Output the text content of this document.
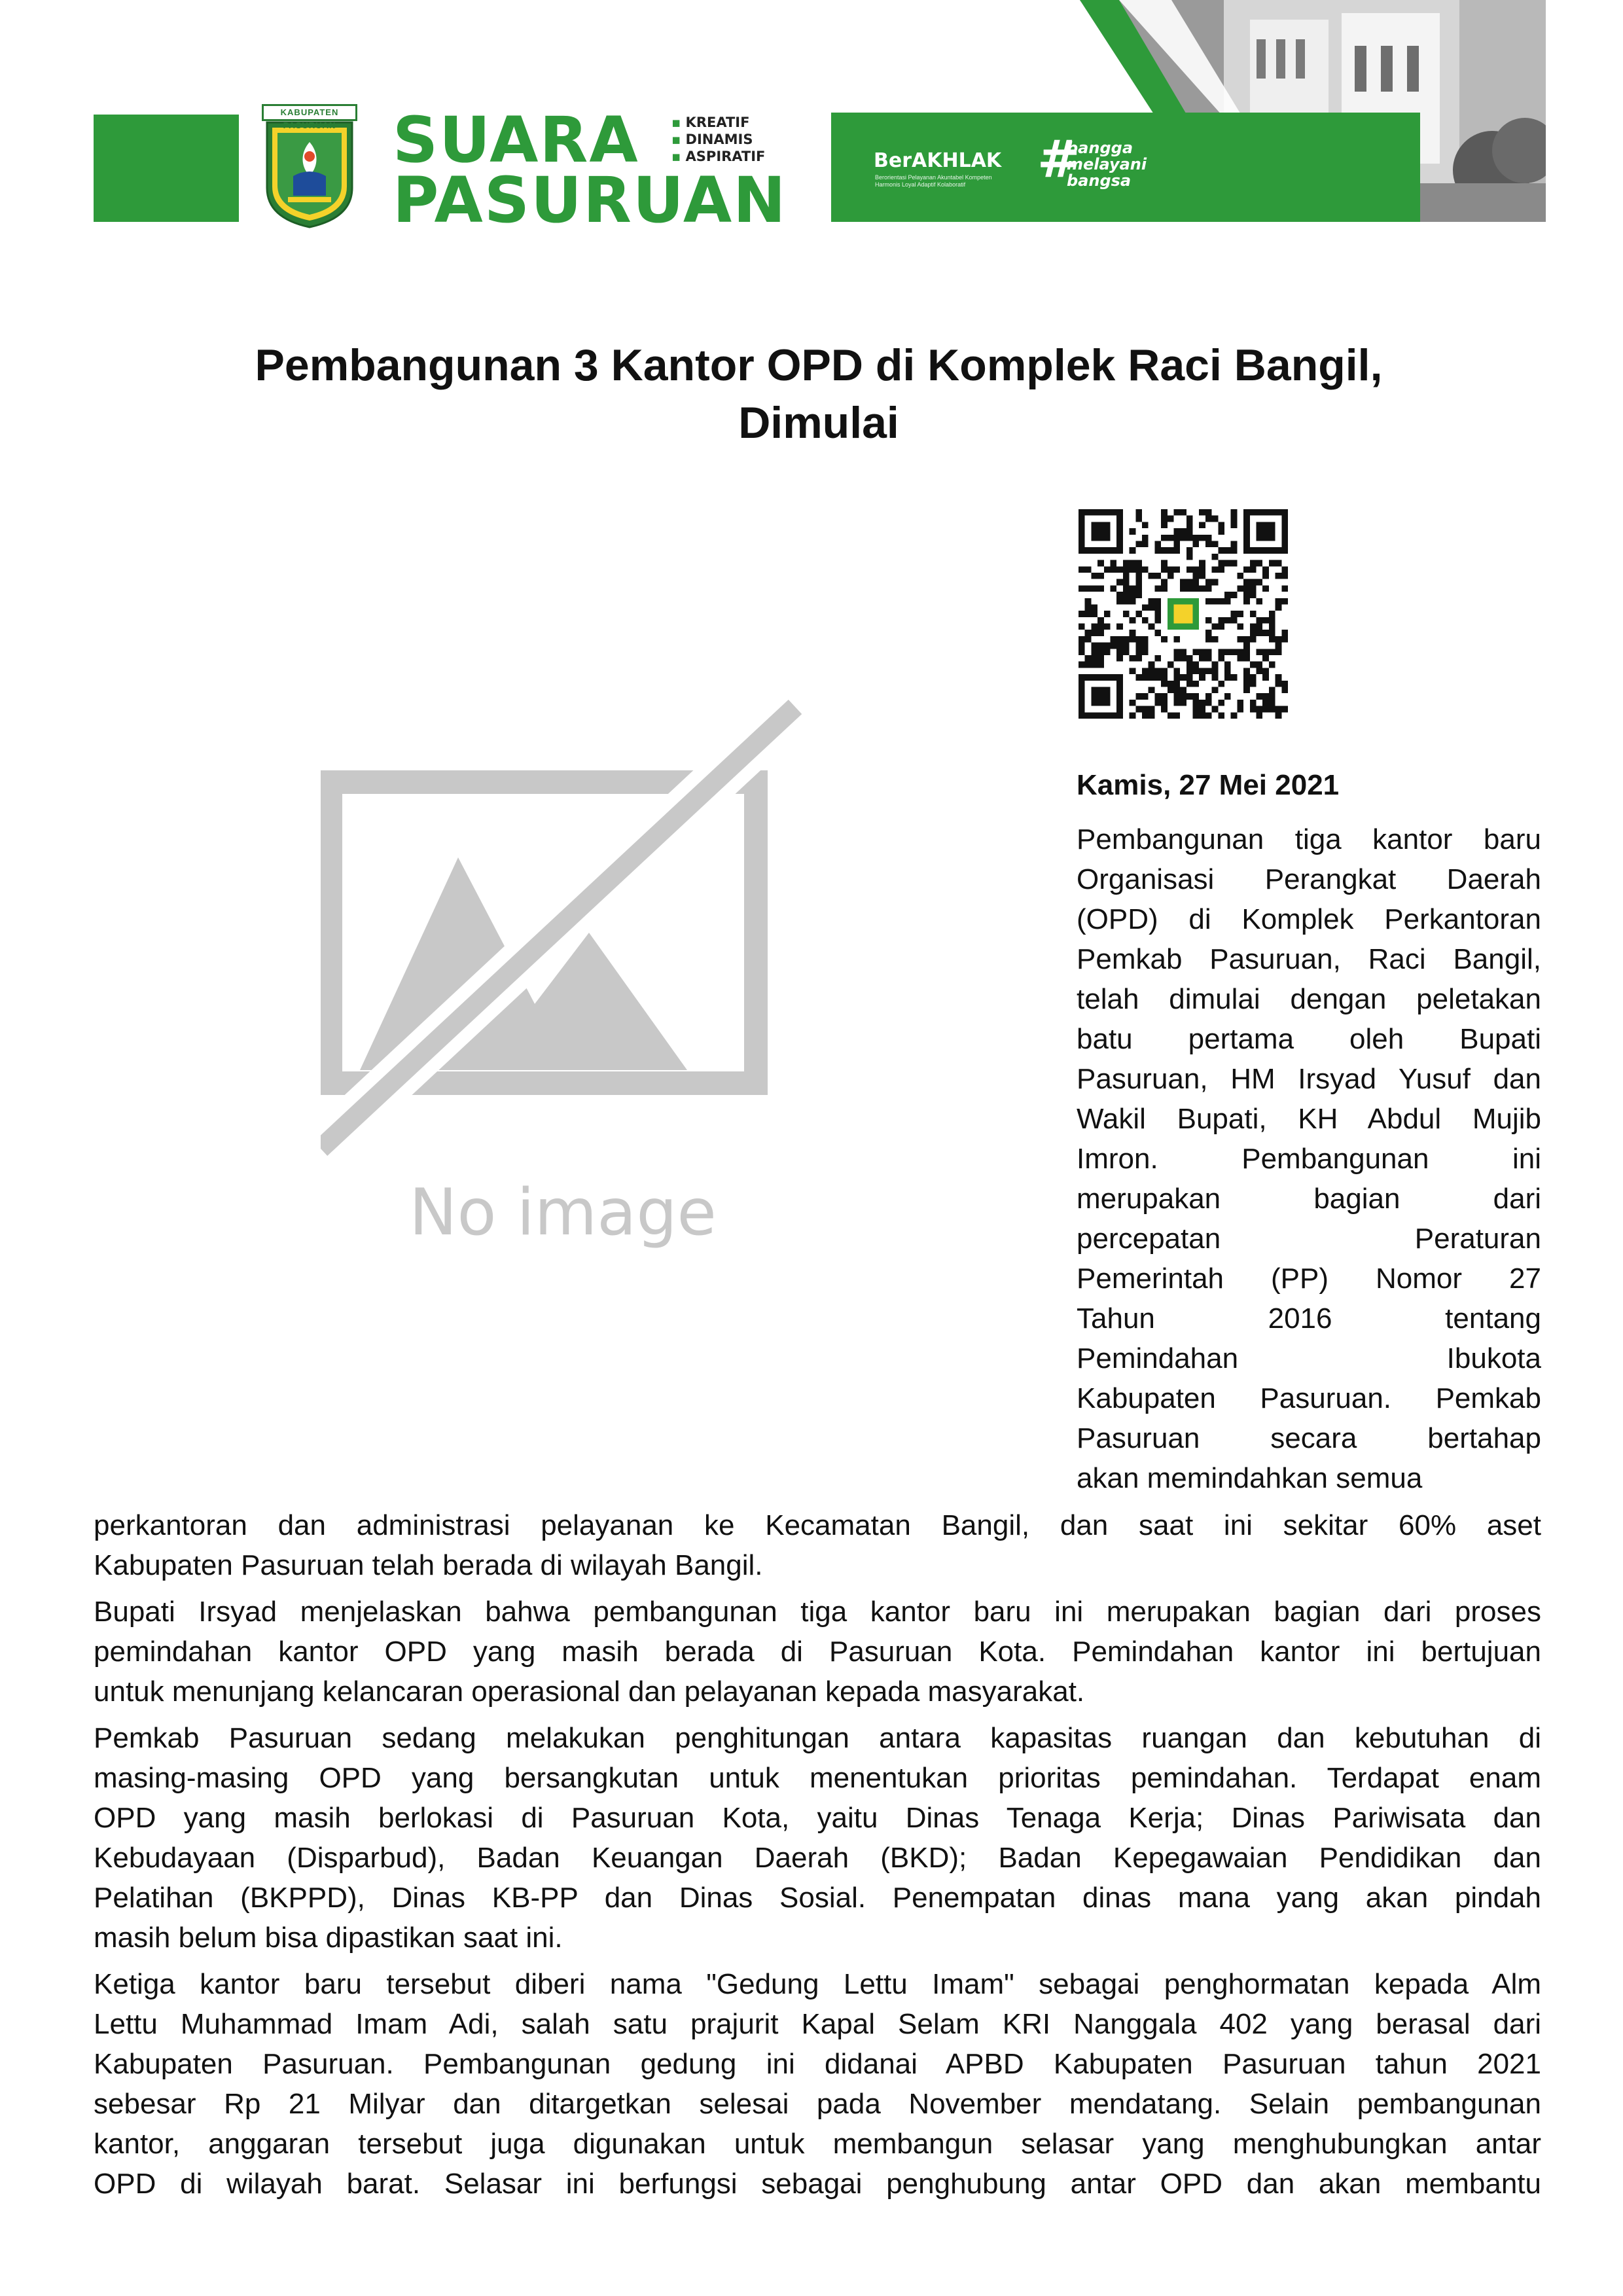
KABUPATEN PASURUAN SUARA
PASURUAN
▪ KREATIF
▪ DINAMIS
▪ ASPIRATIF	BerAKHLAK
Berorientasi Pelayanan Akuntabel Kompeten Harmonis Loyal Adaptif Kolaboratif	#
bangga
melayani
bangsa
Pembangunan 3 Kantor OPD di Komplek Raci Bangil,
Dimulai
No image
Kamis, 27 Mei 2021
Pembangunan tiga kantor baru
Organisasi Perangkat Daerah
(OPD) di Komplek Perkantoran
Pemkab Pasuruan, Raci Bangil,
telah dimulai dengan peletakan
batu pertama oleh Bupati
Pasuruan, HM Irsyad Yusuf dan
Wakil Bupati, KH Abdul Mujib
Imron. Pembangunan ini
merupakan bagian dari
percepatan Peraturan
Pemerintah (PP) Nomor 27
Tahun 2016 tentang
Pemindahan Ibukota
Kabupaten Pasuruan. Pemkab
Pasuruan secara bertahap
akan memindahkan semua
perkantoran dan administrasi pelayanan ke Kecamatan Bangil, dan saat ini sekitar 60% aset
Kabupaten Pasuruan telah berada di wilayah Bangil.
Bupati Irsyad menjelaskan bahwa pembangunan tiga kantor baru ini merupakan bagian dari proses
pemindahan kantor OPD yang masih berada di Pasuruan Kota. Pemindahan kantor ini bertujuan
untuk menunjang kelancaran operasional dan pelayanan kepada masyarakat.
Pemkab Pasuruan sedang melakukan penghitungan antara kapasitas ruangan dan kebutuhan di
masing-masing OPD yang bersangkutan untuk menentukan prioritas pemindahan. Terdapat enam
OPD yang masih berlokasi di Pasuruan Kota, yaitu Dinas Tenaga Kerja; Dinas Pariwisata dan
Kebudayaan (Disparbud), Badan Keuangan Daerah (BKD); Badan Kepegawaian Pendidikan dan
Pelatihan (BKPPD), Dinas KB-PP dan Dinas Sosial. Penempatan dinas mana yang akan pindah
masih belum bisa dipastikan saat ini.
Ketiga kantor baru tersebut diberi nama "Gedung Lettu Imam" sebagai penghormatan kepada Alm
Lettu Muhammad Imam Adi, salah satu prajurit Kapal Selam KRI Nanggala 402 yang berasal dari
Kabupaten Pasuruan. Pembangunan gedung ini didanai APBD Kabupaten Pasuruan tahun 2021
sebesar Rp 21 Milyar dan ditargetkan selesai pada November mendatang. Selain pembangunan
kantor, anggaran tersebut juga digunakan untuk membangun selasar yang menghubungkan antar
OPD di wilayah barat. Selasar ini berfungsi sebagai penghubung antar OPD dan akan membantu
